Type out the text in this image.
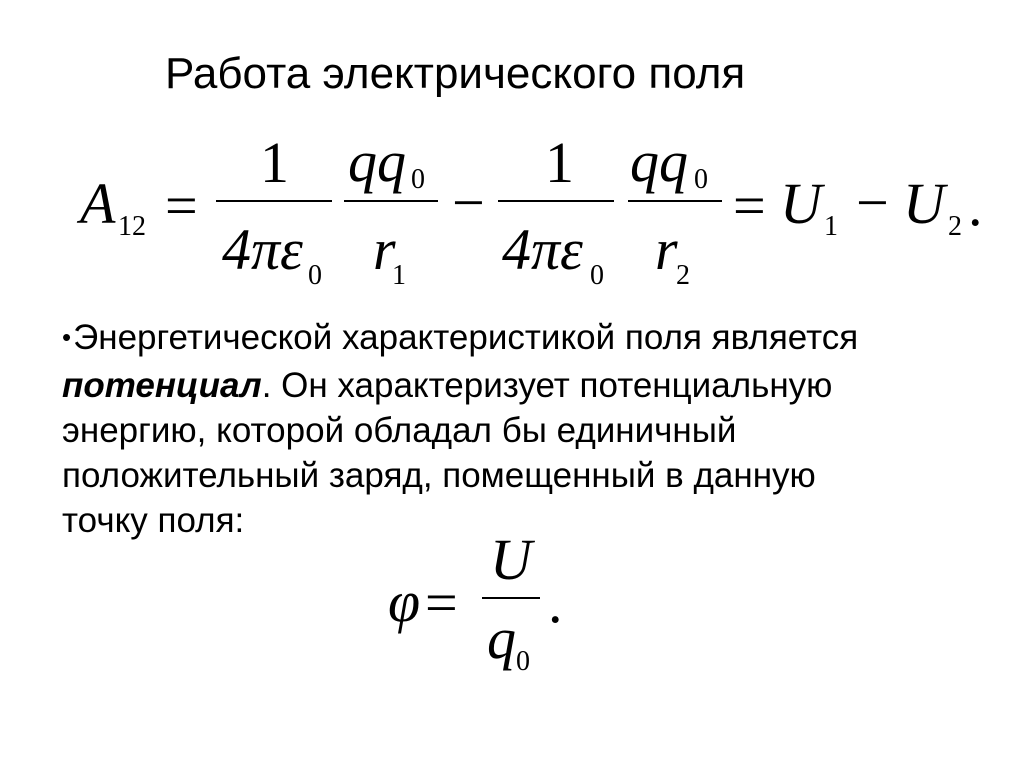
Работа электрического поля
A 12 =
1
4πε 0
qq 0
r
1
−
1
4πε 0
qq 0
r
2
= U 1 − U 2 .
•Энергетической характеристикой поля является
потенциал. Он характеризует потенциальную
энергию, которой обладал бы единичный
положительный заряд, помещенный в данную
точку поля:
φ =
U
q 0
.
